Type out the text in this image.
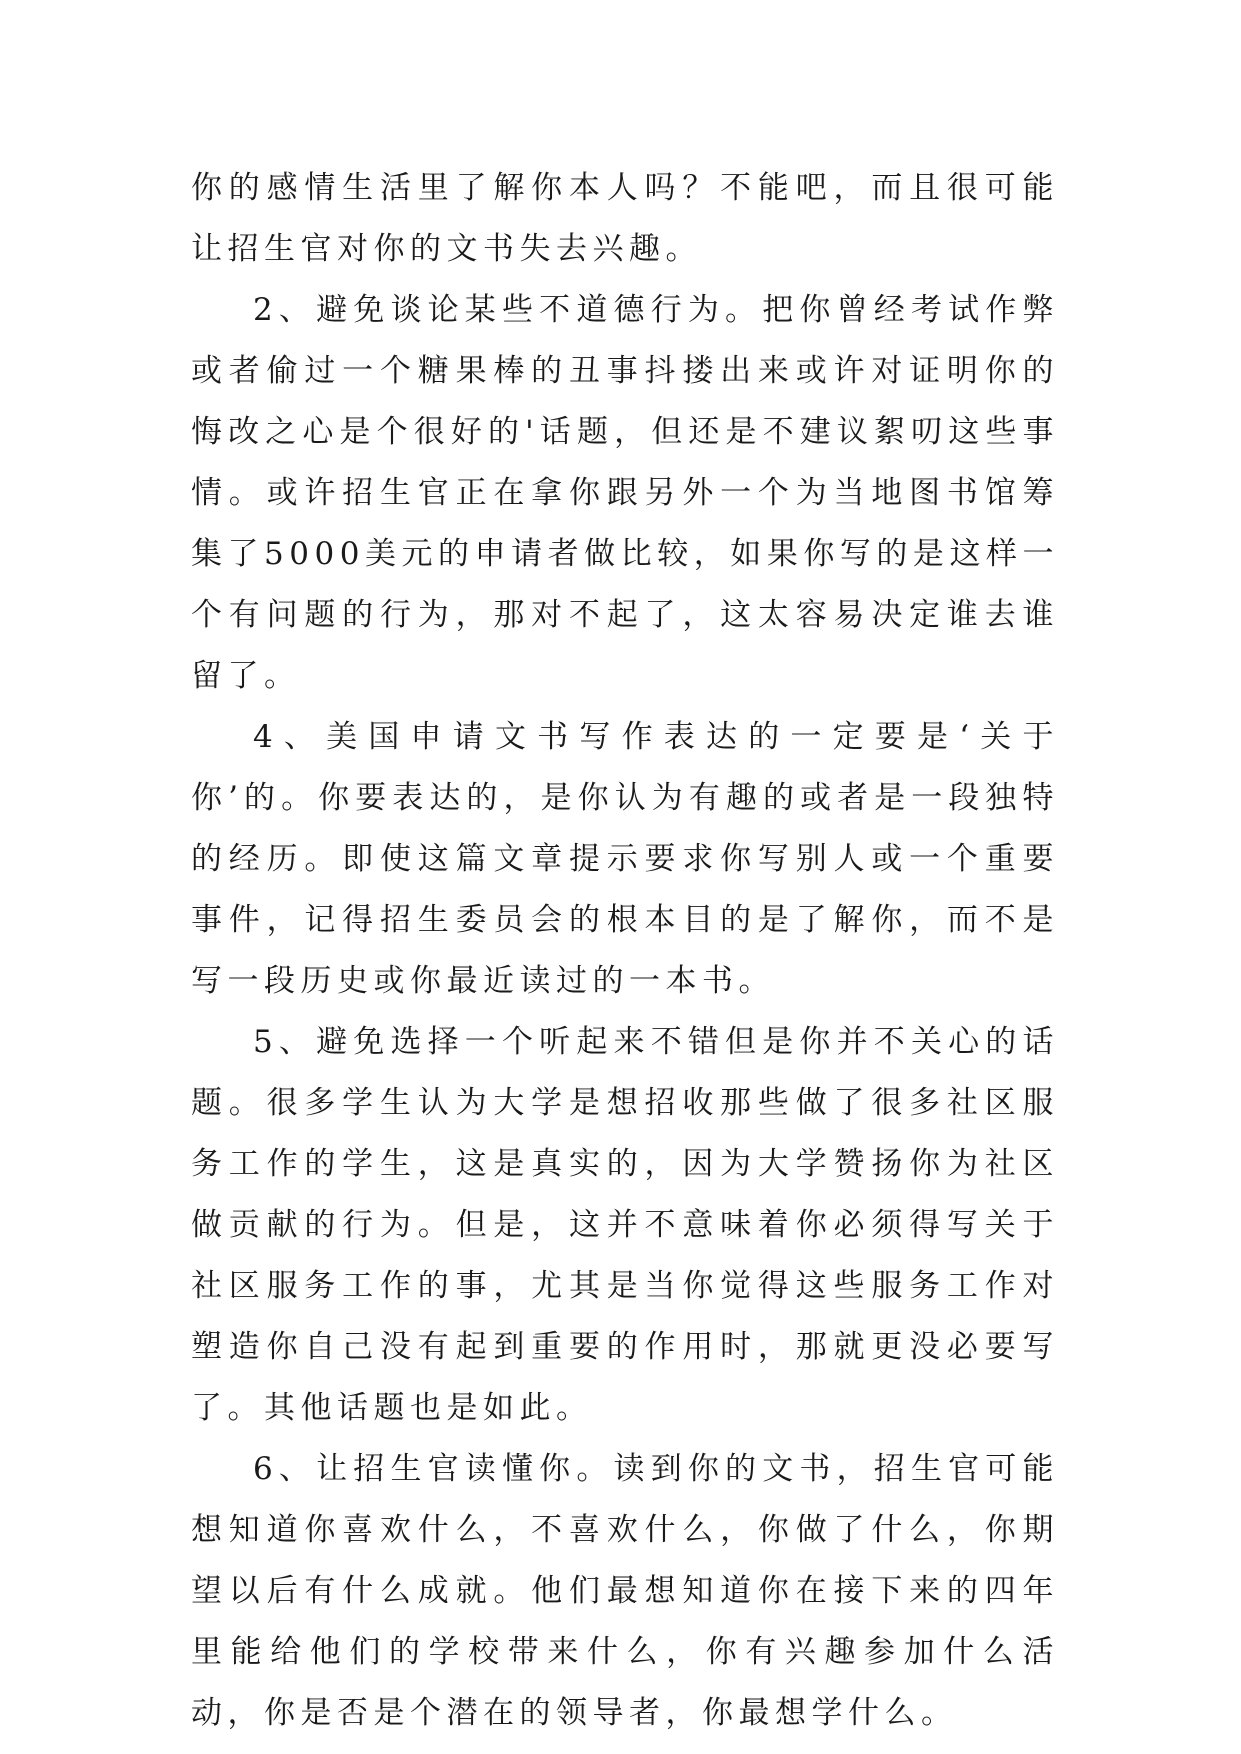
你的感情生活里了解你本人吗？不能吧，而且很可能让招生官对你的文书失去兴趣。

2、避免谈论某些不道德行为。把你曾经考试作弊或者偷过一个糖果棒的丑事抖搂出来或许对证明你的悔改之心是个很好的'话题，但还是不建议絮叨这些事情。或许招生官正在拿你跟另外一个为当地图书馆筹集了5000美元的申请者做比较，如果你写的是这样一个有问题的行为，那对不起了，这太容易决定谁去谁留了。

4、美国申请文书写作表达的一定要是‘关于你’的。你要表达的，是你认为有趣的或者是一段独特的经历。即使这篇文章提示要求你写别人或一个重要事件，记得招生委员会的根本目的是了解你，而不是写一段历史或你最近读过的一本书。

5、避免选择一个听起来不错但是你并不关心的话题。很多学生认为大学是想招收那些做了很多社区服务工作的学生，这是真实的，因为大学赞扬你为社区做贡献的行为。但是，这并不意味着你必须得写关于社区服务工作的事，尤其是当你觉得这些服务工作对塑造你自己没有起到重要的作用时，那就更没必要写了。其他话题也是如此。

6、让招生官读懂你。读到你的文书，招生官可能想知道你喜欢什么，不喜欢什么，你做了什么，你期望以后有什么成就。他们最想知道你在接下来的四年里能给他们的学校带来什么，你有兴趣参加什么活动，你是否是个潜在的领导者，你最想学什么。
